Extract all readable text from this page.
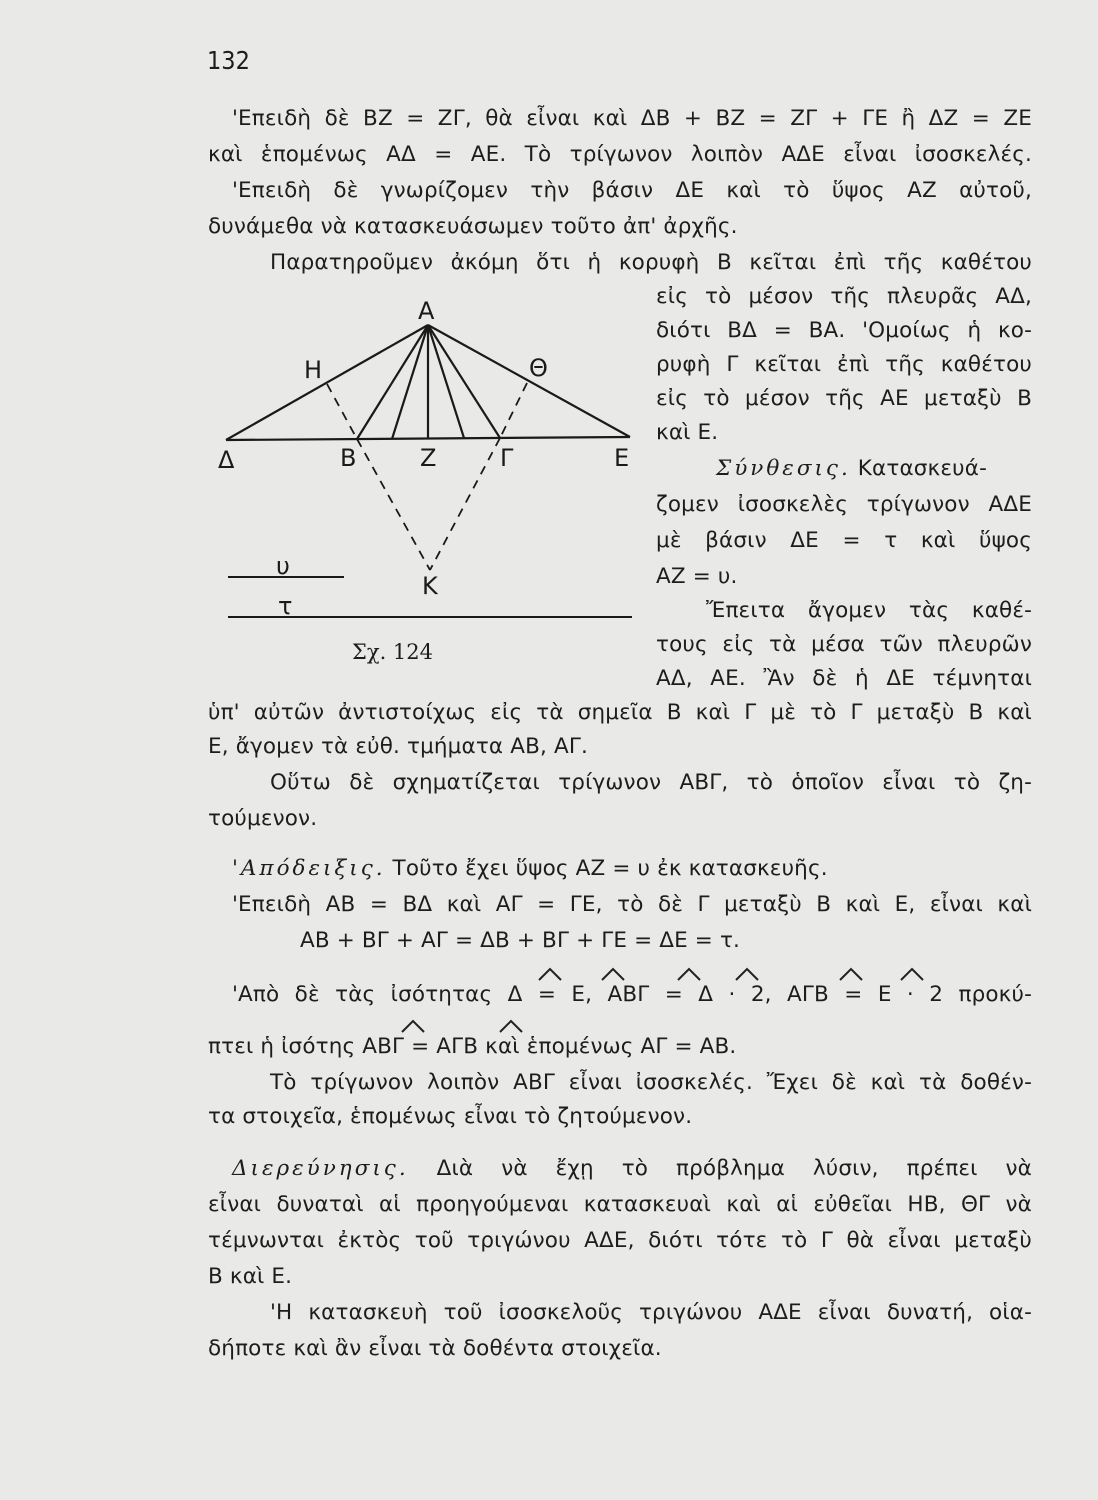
132
'Επειδὴ δὲ ΒΖ = ΖΓ, θὰ εἶναι καὶ ΔΒ + ΒΖ = ΖΓ + ΓΕ ἢ ΔΖ = ΖΕ
καὶ ἑπομένως ΑΔ = ΑΕ. Τὸ τρίγωνον λοιπὸν ΑΔΕ εἶναι ἰσοσκελές.
'Επειδὴ δὲ γνωρίζομεν τὴν βάσιν ΔΕ καὶ τὸ ὕψος ΑΖ αὐτοῦ,
δυνάμεθα νὰ κατασκευάσωμεν τοῦτο ἀπ' ἀρχῆς.
Παρατηροῦμεν ἀκόμη ὅτι ἡ κορυφὴ Β κεῖται ἐπὶ τῆς καθέτου
εἰς τὸ μέσον τῆς πλευρᾶς ΑΔ,
διότι ΒΔ = ΒΑ. 'Ομοίως ἡ κο-
ρυφὴ Γ κεῖται ἐπὶ τῆς καθέτου
εἰς τὸ μέσον τῆς ΑΕ μεταξὺ Β
καὶ Ε.
Σύνθεσις. Κατασκευά-
ζομεν ἰσοσκελὲς τρίγωνον ΑΔΕ
μὲ βάσιν ΔΕ = τ καὶ ὕψος
ΑΖ = υ.
Ἔπειτα ἄγομεν τὰς καθέ-
τους εἰς τὰ μέσα τῶν πλευρῶν
ΑΔ, ΑΕ. Ἂν δὲ ἡ ΔΕ τέμνηται
ὑπ' αὐτῶν ἀντιστοίχως εἰς τὰ σημεῖα Β καὶ Γ μὲ τὸ Γ μεταξὺ Β καὶ
Ε, ἄγομεν τὰ εὐθ. τμήματα ΑΒ, ΑΓ.
Οὕτω δὲ σχηματίζεται τρίγωνον ΑΒΓ, τὸ ὁποῖον εἶναι τὸ ζη-
τούμενον.
'Απόδειξις. Τοῦτο ἔχει ὕψος ΑΖ = υ ἐκ κατασκευῆς.
'Επειδὴ ΑΒ = ΒΔ καὶ ΑΓ = ΓΕ, τὸ δὲ Γ μεταξὺ Β καὶ Ε, εἶναι καὶ
ΑΒ + ΒΓ + ΑΓ = ΔΒ + ΒΓ + ΓΕ = ΔΕ = τ.
'Απὸ δὲ τὰς ἰσότητας Δ = Ε, ΑΒΓ = Δ · 2, ΑΓΒ = Ε · 2 προκύ-
πτει ἡ ἰσότης ΑΒΓ = ΑΓΒ καὶ ἑπομένως ΑΓ = ΑΒ.
Τὸ τρίγωνον λοιπὸν ΑΒΓ εἶναι ἰσοσκελές. Ἔχει δὲ καὶ τὰ δοθέν-
τα στοιχεῖα, ἑπομένως εἶναι τὸ ζητούμενον.
Διερεύνησις. Διὰ νὰ ἔχῃ τὸ πρόβλημα λύσιν, πρέπει νὰ
εἶναι δυναταὶ αἱ προηγούμεναι κατασκευαὶ καὶ αἱ εὐθεῖαι ΗΒ, ΘΓ νὰ
τέμνωνται ἐκτὸς τοῦ τριγώνου ΑΔΕ, διότι τότε τὸ Γ θὰ εἶναι μεταξὺ
Β καὶ Ε.
'Η κατασκευὴ τοῦ ἰσοσκελοῦς τριγώνου ΑΔΕ εἶναι δυνατή, οἱα-
δήποτε καὶ ἂν εἶναι τὰ δοθέντα στοιχεῖα.
Α
Η	Θ
Δ	Β	Ζ	Γ	Ε
Κ
υ
τ
Σχ. 124
